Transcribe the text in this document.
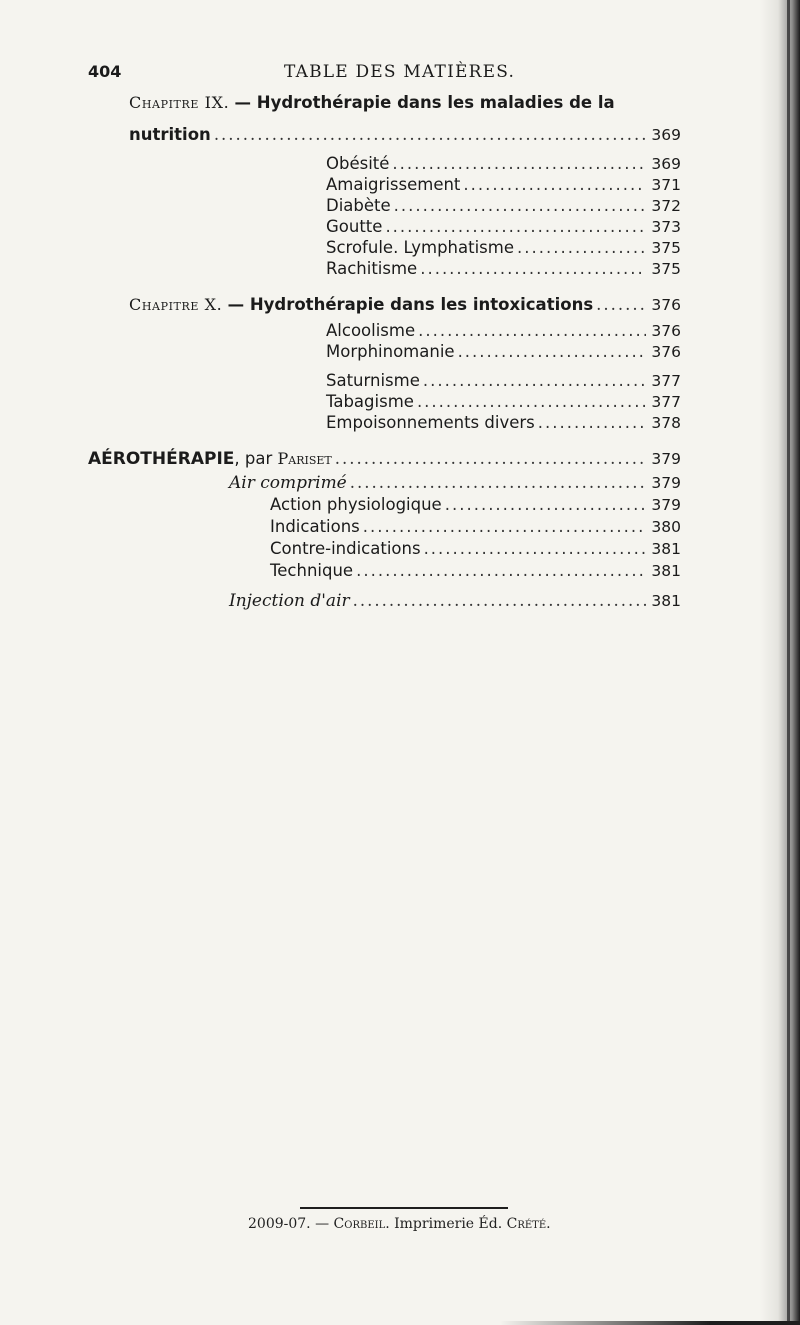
404	TABLE DES MATIÈRES.
Chapitre IX. — Hydrothérapie dans les maladies de la
nutrition .....	369
Obésité .....	369
Amaigrissement .....	371
Diabète .....	372
Goutte .....	373
Scrofule. Lymphatisme .....	375
Rachitisme .....	375
Chapitre X. — Hydrothérapie dans les intoxications .....	376
Alcoolisme .....	376
Morphinomanie .....	376
Saturnisme .....	377
Tabagisme .....	377
Empoisonnements divers .....	378
AÉROTHÉRAPIE, par Pariset .....	379
Air comprimé .....	379
Action physiologique .....	379
Indications .....	380
Contre-indications .....	381
Technique .....	381
Injection d'air .....	381
2009-07. — Corbeil. Imprimerie Éd. Crété.
